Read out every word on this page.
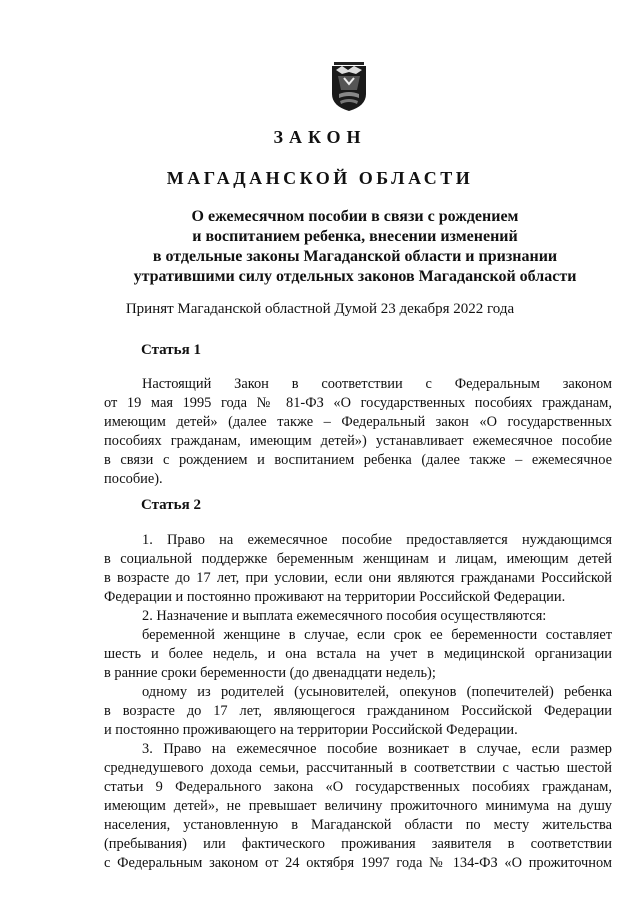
ЗАКОН
МАГАДАНСКОЙ ОБЛАСТИ
О ежемесячном пособии в связи с рождением
и воспитанием ребенка, внесении изменений
в отдельные законы Магаданской области и признании
утратившими силу отдельных законов Магаданской области
Принят Магаданской областной Думой 23 декабря 2022 года
Статья 1

Настоящий Закон в соответствии с Федеральным законом

от 19 мая 1995 года № 81-ФЗ «О государственных пособиях гражданам,

имеющим детей» (далее также – Федеральный закон «О государственных

пособиях гражданам, имеющим детей») устанавливает ежемесячное пособие

в связи с рождением и воспитанием ребенка (далее также – ежемесячное

пособие).

Статья 2

1. Право на ежемесячное пособие предоставляется нуждающимся

в социальной поддержке беременным женщинам и лицам, имеющим детей

в возрасте до 17 лет, при условии, если они являются гражданами Российской

Федерации и постоянно проживают на территории Российской Федерации.

2. Назначение и выплата ежемесячного пособия осуществляются:

беременной женщине в случае, если срок ее беременности составляет

шесть и более недель, и она встала на учет в медицинской организации

в ранние сроки беременности (до двенадцати недель);

одному из родителей (усыновителей, опекунов (попечителей) ребенка

в возрасте до 17 лет, являющегося гражданином Российской Федерации

и постоянно проживающего на территории Российской Федерации.

3. Право на ежемесячное пособие возникает в случае, если размер

среднедушевого дохода семьи, рассчитанный в соответствии с частью шестой

статьи 9 Федерального закона «О государственных пособиях гражданам,

имеющим детей», не превышает величину прожиточного минимума на душу

населения, установленную в Магаданской области по месту жительства

(пребывания) или фактического проживания заявителя в соответствии

с Федеральным законом от 24 октября 1997 года № 134-ФЗ «О прожиточном
